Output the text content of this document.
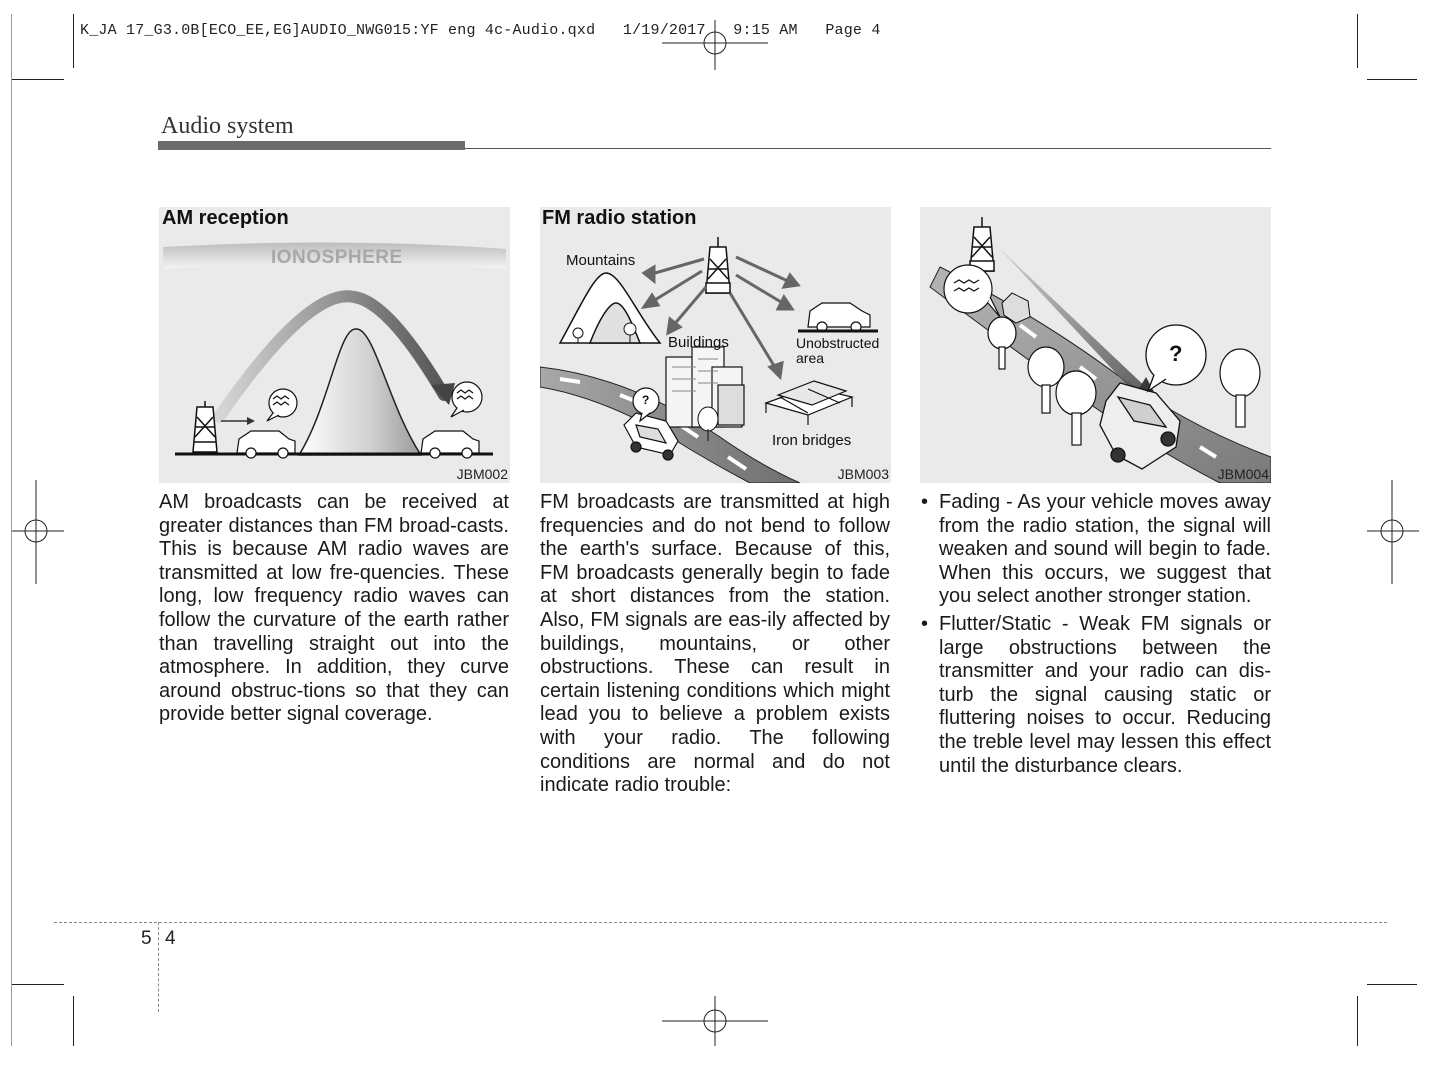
K_JA 17_G3.0B[ECO_EE,EG]AUDIO_NWG015:YF eng 4c-Audio.qxd   1/19/2017   9:15 AM   Page 4
Audio system
AM reception
IONOSPHERE
JBM002
FM radio station
Mountains
Buildings	Unobstructed
area
Iron bridges
?
JBM003
?
JBM004
AM broadcasts can be received at greater distances than FM broad-casts. This is because AM radio waves are transmitted at low fre-quencies. These long, low frequency radio waves can follow the curvature of the earth rather than travelling straight out into the atmosphere. In addition, they curve around obstruc-tions so that they can provide better signal coverage.
FM broadcasts are transmitted at high frequencies and do not bend to follow the earth's surface. Because of this, FM broadcasts generally begin to fade at short distances from the station. Also, FM signals are eas-ily affected by buildings, mountains, or other obstructions. These can result in certain listening conditions which might lead you to believe a problem exists with your radio. The following conditions are normal and do not indicate radio trouble:
• Fading - As your vehicle moves away from the radio station, the signal will weaken and sound will begin to fade. When this occurs, we suggest that you select another stronger station.
• Flutter/Static - Weak FM signals or large obstructions between the transmitter and your radio can dis-turb the signal causing static or fluttering noises to occur. Reducing the treble level may lessen this effect until the disturbance clears.
5 4
